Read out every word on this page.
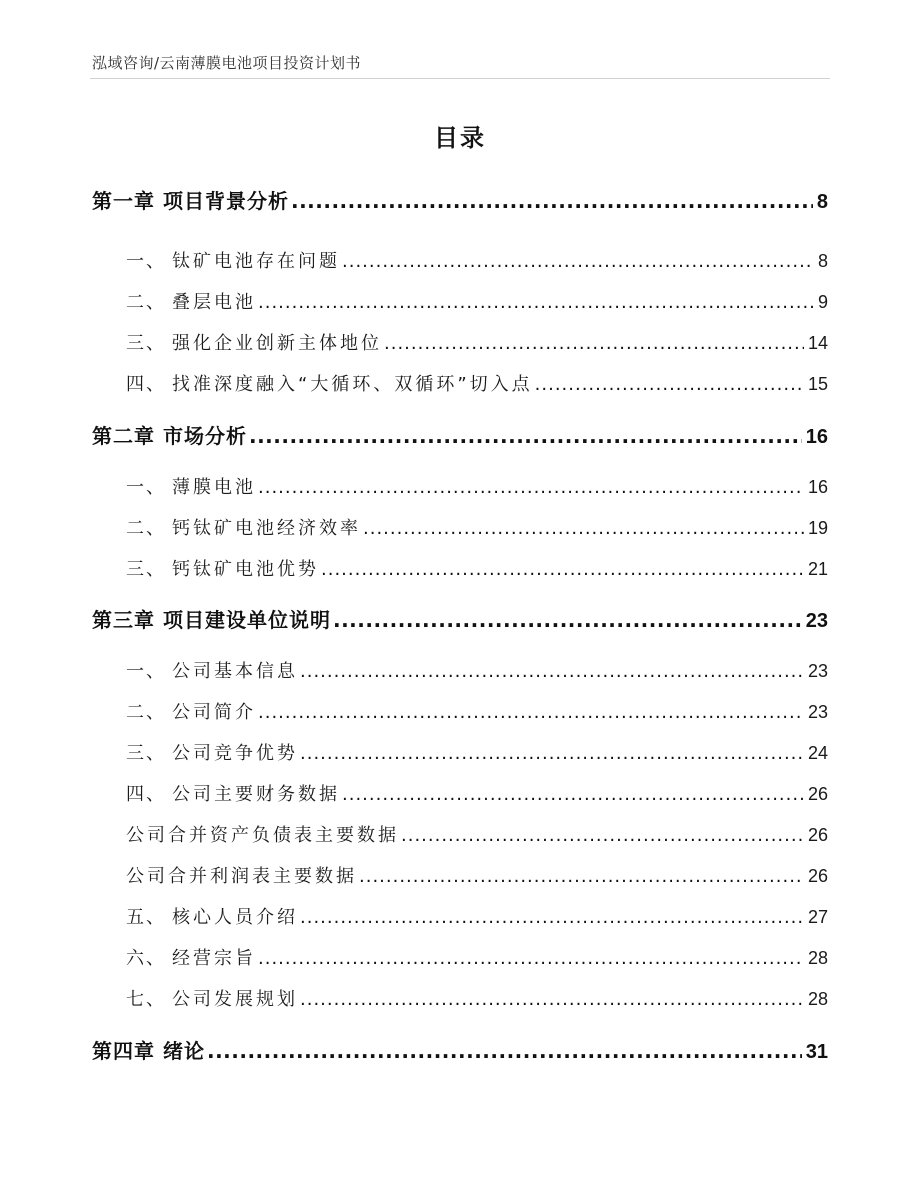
泓域咨询/云南薄膜电池项目投资计划书
目录
第一章 项目背景分析 .....	8
一、 钛矿电池存在问题 .....	8
二、 叠层电池 .....	9
三、 强化企业创新主体地位 .....	14
四、 找准深度融入“大循环、双循环”切入点 .....	15
第二章 市场分析 .....	16
一、 薄膜电池 .....	16
二、 钙钛矿电池经济效率 .....	19
三、 钙钛矿电池优势 .....	21
第三章 项目建设单位说明 .....	23
一、 公司基本信息 .....	23
二、 公司简介 .....	23
三、 公司竞争优势 .....	24
四、 公司主要财务数据 .....	26
公司合并资产负债表主要数据 .....	26
公司合并利润表主要数据 .....	26
五、 核心人员介绍 .....	27
六、 经营宗旨 .....	28
七、 公司发展规划 .....	28
第四章 绪论 .....	31
